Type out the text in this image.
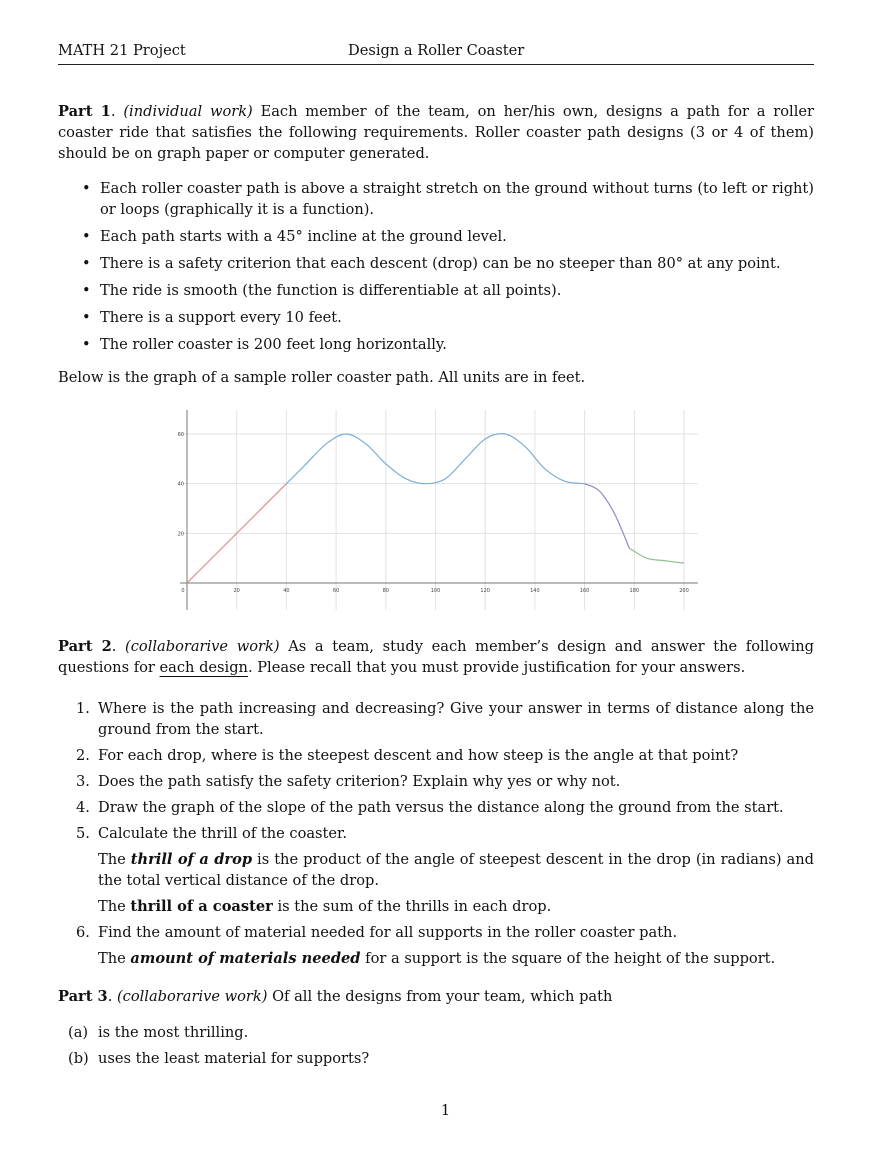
MATH 21 Project	Design a Roller Coaster
Part 1. (individual work) Each member of the team, on her/his own, designs a path for a roller coaster ride that satisfies the following requirements. Roller coaster path designs (3 or 4 of them) should be on graph paper or computer generated.
• Each roller coaster path is above a straight stretch on the ground without turns (to left or right) or loops (graphically it is a function).
• Each path starts with a 45° incline at the ground level.
• There is a safety criterion that each descent (drop) can be no steeper than 80° at any point.
• The ride is smooth (the function is differentiable at all points).
• There is a support every 10 feet.
• The roller coaster is 200 feet long horizontally.
Below is the graph of a sample roller coaster path. All units are in feet.
0	20	40	60	80	100	120	140	160	180	200
20
40
60
Part 2. (collaborarive work) As a team, study each member’s design and answer the following questions for each design. Please recall that you must provide justification for your answers.
1. Where is the path increasing and decreasing? Give your answer in terms of distance along the ground from the start.
2. For each drop, where is the steepest descent and how steep is the angle at that point?
3. Does the path satisfy the safety criterion? Explain why yes or why not.
4. Draw the graph of the slope of the path versus the distance along the ground from the start.
5. Calculate the thrill of the coaster.
The thrill of a drop is the product of the angle of steepest descent in the drop (in radians) and the total vertical distance of the drop.
The thrill of a coaster is the sum of the thrills in each drop.
6. Find the amount of material needed for all supports in the roller coaster path.
The amount of materials needed for a support is the square of the height of the support.
Part 3. (collaborarive work) Of all the designs from your team, which path
(a) is the most thrilling.
(b) uses the least material for supports?
1
